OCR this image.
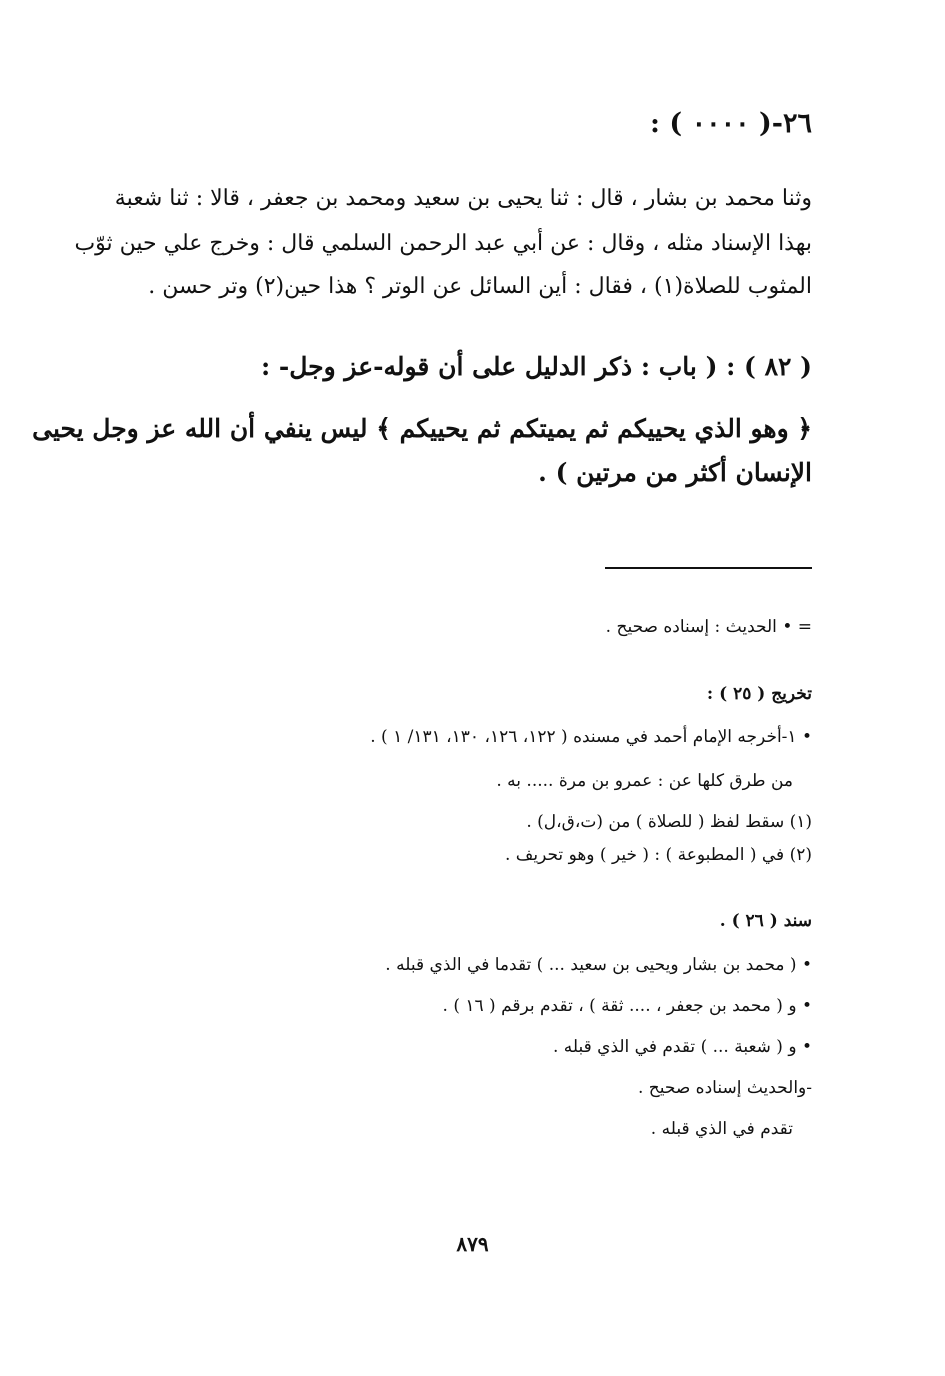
٢٦-( ٠٠٠٠ ) :
وثنا محمد بن بشار ، قال : ثنا يحيى بن سعيد ومحمد بن جعفر ، قالا : ثنا شعبة
بهذا الإسناد مثله ، وقال : عن أبي عبد الرحمن السلمي قال : وخرج علي حين ثوّب
المثوب للصلاة(١) ، فقال : أين السائل عن الوتر ؟ هذا حين(٢) وتر حسن .
( ٨٢ ) : ( باب : ذكر الدليل على أن قوله-عز وجل- :
﴿ وهو الذي يحييكم ثم يميتكم ثم يحييكم ﴾ ليس ينفي أن الله عز وجل يحيى
الإنسان أكثر من مرتين ) .
= • الحديث : إسناده صحيح .
تخريج ( ٢٥ ) :
• ١-أخرجه الإمام أحمد في مسنده ( ١٢٢، ١٢٦، ١٣٠، ١٣١/ ١ ) .
من طرق كلها عن : عمرو بن مرة ..... به .
(١) سقط لفظ ( للصلاة ) من (ت،ق،ل) .
(٢) في ( المطبوعة ) : ( خير ) وهو تحريف .
سند ( ٢٦ ) .
• ( محمد بن بشار ويحيى بن سعيد ... ) تقدما في الذي قبله .
• و ( محمد بن جعفر ، .... ثقة ) ، تقدم برقم ( ١٦ ) .
• و ( شعبة ... ) تقدم في الذي قبله .
-والحديث إسناده صحيح .
تقدم في الذي قبله .
٨٧٩
